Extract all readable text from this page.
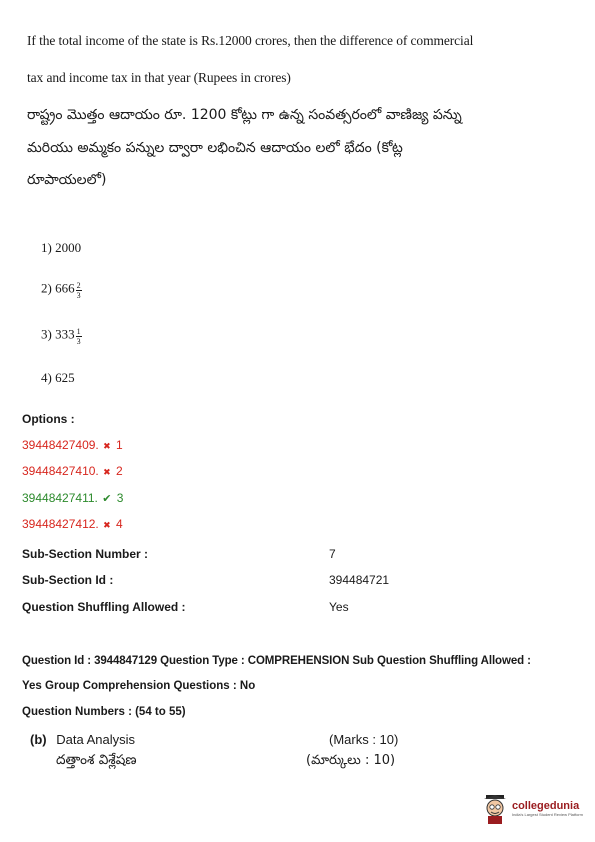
If the total income of the state is Rs.12000 crores, then the difference of commercial
tax and income tax in that year (Rupees in crores)
రాష్ట్రం మొత్తం ఆదాయం రూ. 1200 కోట్లు గా ఉన్న సంవత్సరంలో వాణిజ్య పన్ను
మరియు అమ్మకం పన్నుల ద్వారా లభించిన ఆదాయం లలో భేదం (కోట్ల
రూపాయలలో)
1) 2000
2) $666 \frac{2}{3}$
3) $333 \frac{1}{3}$
4) 625
Options :
39448427409. ✖ 1
39448427410. ✖ 2
39448427411. ✔ 3
39448427412. ✖ 4
Sub-Section Number :	7
Sub-Section Id :	394484721
Question Shuffling Allowed :	Yes
Question Id : 3944847129 Question Type : COMPREHENSION Sub Question Shuffling Allowed :
Yes Group Comprehension Questions : No
Question Numbers : (54 to 55)
(b) Data Analysis	(Marks : 10)
దత్తాంశ విశ్లేషణ	(మార్కులు : 10)
collegedunia
India's Largest Student Review Platform
